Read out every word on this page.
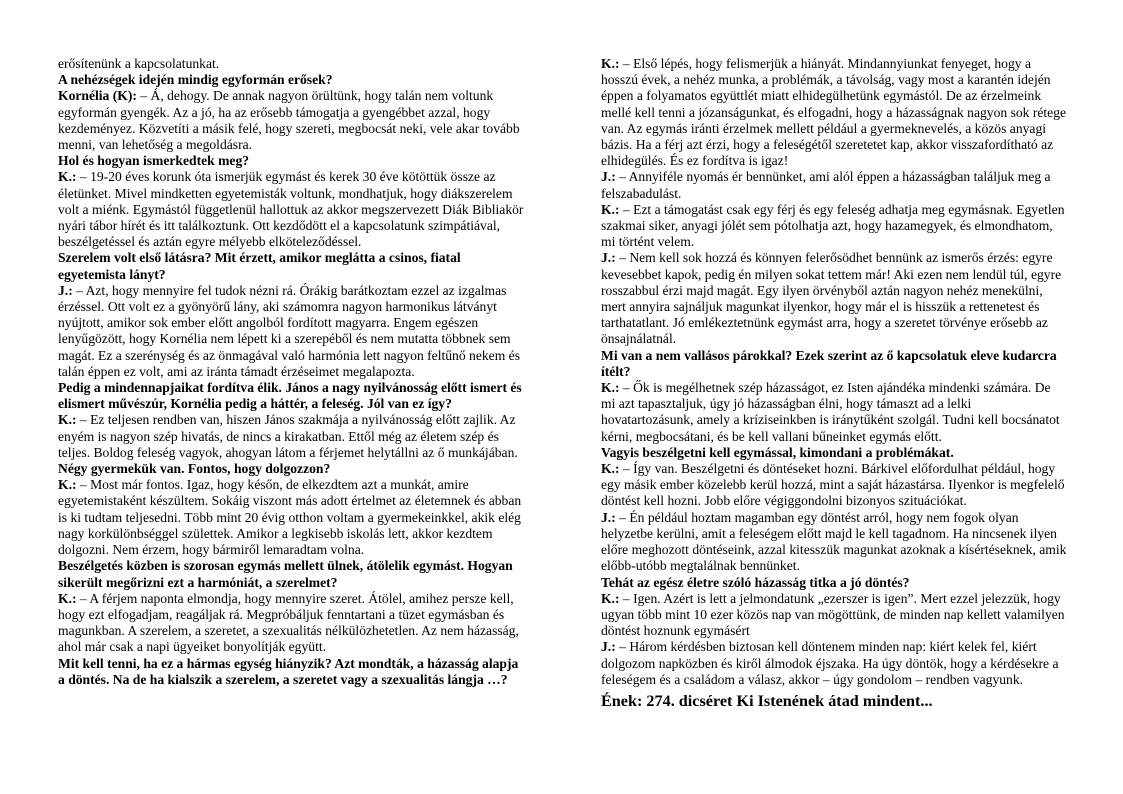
erősítenünk a kapcsolatunkat.

A nehézségek idején mindig egyformán erősek?

Kornélia (K): – Á, dehogy. De annak nagyon örültünk, hogy talán nem voltunk egyformán gyengék. Az a jó, ha az erősebb támogatja a gyengébbet azzal, hogy kezdeményez. Közvetíti a másik felé, hogy szereti, megbocsát neki, vele akar tovább menni, van lehetőség a megoldásra.

Hol és hogyan ismerkedtek meg?

K.: – 19-20 éves korunk óta ismerjük egymást és kerek 30 éve kötöttük össze az életünket. Mivel mindketten egyetemisták voltunk, mondhatjuk, hogy diákszerelem volt a miénk. Egymástól függetlenül hallottuk az akkor megszervezett Diák Bibliakör nyári tábor hírét és itt találkoztunk. Ott kezdődött el a kapcsolatunk szimpátiával, beszélgetéssel és aztán egyre mélyebb elköteleződéssel.

Szerelem volt első látásra? Mit érzett, amikor meglátta a csinos, fiatal egyetemista lányt?

J.: – Azt, hogy mennyire fel tudok nézni rá. Órákig barátkoztam ezzel az izgalmas érzéssel. Ott volt ez a gyönyörű lány, aki számomra nagyon harmonikus látványt nyújtott, amikor sok ember előtt angolból fordított magyarra. Engem egészen lenyűgözött, hogy Kornélia nem lépett ki a szerepéből és nem mutatta többnek sem magát. Ez a szerénység és az önmagával való harmónia lett nagyon feltűnő nekem és talán éppen ez volt, ami az iránta támadt érzéseimet megalapozta.

Pedig a mindennapjaikat fordítva élik. János a nagy nyilvánosság előtt ismert és elismert művészúr, Kornélia pedig a háttér, a feleség. Jól van ez így?

K.: – Ez teljesen rendben van, hiszen János szakmája a nyilvánosság előtt zajlik. Az enyém is nagyon szép hivatás, de nincs a kirakatban. Ettől még az életem szép és teljes. Boldog feleség vagyok, ahogyan látom a férjemet helytállni az ő munkájában.

Négy gyermekük van. Fontos, hogy dolgozzon?

K.: – Most már fontos. Igaz, hogy későn, de elkezdtem azt a munkát, amire egyetemistaként készültem. Sokáig viszont más adott értelmet az életemnek és abban is ki tudtam teljesedni. Több mint 20 évig otthon voltam a gyermekeinkkel, akik elég nagy korkülönbséggel születtek. Amikor a legkisebb iskolás lett, akkor kezdtem dolgozni. Nem érzem, hogy bármiről lemaradtam volna.

Beszélgetés közben is szorosan egymás mellett ülnek, átölelik egymást. Hogyan sikerült megőrizni ezt a harmóniát, a szerelmet?

K.: – A férjem naponta elmondja, hogy mennyire szeret. Átölel, amihez persze kell, hogy ezt elfogadjam, reagáljak rá. Megpróbáljuk fenntartani a tüzet egymásban és magunkban. A szerelem, a szeretet, a szexualitás nélkülözhetetlen. Az nem házasság, ahol már csak a napi ügyeiket bonyolítják együtt.

Mit kell tenni, ha ez a hármas egység hiányzik? Azt mondták, a házasság alapja a döntés. Na de ha kialszik a szerelem, a szeretet vagy a szexualitás lángja …?

K.: – Első lépés, hogy felismerjük a hiányát. Mindannyiunkat fenyeget, hogy a hosszú évek, a nehéz munka, a problémák, a távolság, vagy most a karantén idején éppen a folyamatos együttlét miatt elhidegülhetünk egymástól. De az érzelmeink mellé kell tenni a józanságunkat, és elfogadni, hogy a házasságnak nagyon sok rétege van. Az egymás iránti érzelmek mellett például a gyermeknevelés, a közös anyagi bázis. Ha a férj azt érzi, hogy a feleségétől szeretetet kap, akkor visszafordítható az elhidegülés. És ez fordítva is igaz!

J.: – Annyiféle nyomás ér bennünket, ami alól éppen a házasságban találjuk meg a felszabadulást.

K.: – Ezt a támogatást csak egy férj és egy feleség adhatja meg egymásnak. Egyetlen szakmai siker, anyagi jólét sem pótolhatja azt, hogy hazamegyek, és elmondhatom, mi történt velem.

J.: – Nem kell sok hozzá és könnyen felerősödhet bennünk az ismerős érzés: egyre kevesebbet kapok, pedig én milyen sokat tettem már! Aki ezen nem lendül túl, egyre rosszabbul érzi majd magát. Egy ilyen örvényből aztán nagyon nehéz menekülni, mert annyira sajnáljuk magunkat ilyenkor, hogy már el is hisszük a rettenetest és tarthatatlant. Jó emlékeztetnünk egymást arra, hogy a szeretet törvénye erősebb az önsajnálatnál.

Mi van a nem vallásos párokkal? Ezek szerint az ő kapcsolatuk eleve kudarcra ítélt?

K.: – Ők is megélhetnek szép házasságot, ez Isten ajándéka mindenki számára. De mi azt tapasztaljuk, úgy jó házasságban élni, hogy támaszt ad a lelki hovatartozásunk, amely a kríziseinkben is iránytűként szolgál. Tudni kell bocsánatot kérni, megbocsátani, és be kell vallani bűneinket egymás előtt.

Vagyis beszélgetni kell egymással, kimondani a problémákat.

K.: – Így van. Beszélgetni és döntéseket hozni. Bárkivel előfordulhat például, hogy egy másik ember közelebb kerül hozzá, mint a saját házastársa. Ilyenkor is megfelelő döntést kell hozni. Jobb előre végiggondolni bizonyos szituációkat.

J.: – Én például hoztam magamban egy döntést arról, hogy nem fogok olyan helyzetbe kerülni, amit a feleségem előtt majd le kell tagadnom. Ha nincsenek ilyen előre meghozott döntéseink, azzal kitesszük magunkat azoknak a kísértéseknek, amik előbb-utóbb megtalálnak bennünket.

Tehát az egész életre szóló házasság titka a jó döntés?

K.: – Igen. Azért is lett a jelmondatunk „ezerszer is igen”. Mert ezzel jelezzük, hogy ugyan több mint 10 ezer közös nap van mögöttünk, de minden nap kellett valamilyen döntést hoznunk egymásért

J.: – Három kérdésben biztosan kell döntenem minden nap: kiért kelek fel, kiért dolgozom napközben és kiről álmodok éjszaka. Ha úgy döntök, hogy a kérdésekre a feleségem és a családom a válasz, akkor – úgy gondolom – rendben vagyunk.

Ének: 274. dicséret Ki Istenének átad mindent...
